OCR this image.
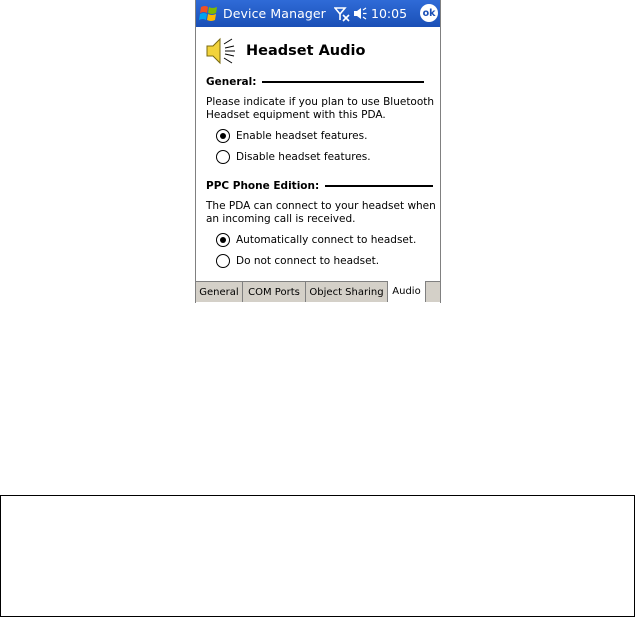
Device Manager	10:05 ok
Headset Audio
General:
Please indicate if you plan to use Bluetooth Headset equipment with this PDA.
Enable headset features.
Disable headset features.
PPC Phone Edition:
The PDA can connect to your headset when an incoming call is received.
Automatically connect to headset.
Do not connect to headset.
General COM Ports Object Sharing Audio
